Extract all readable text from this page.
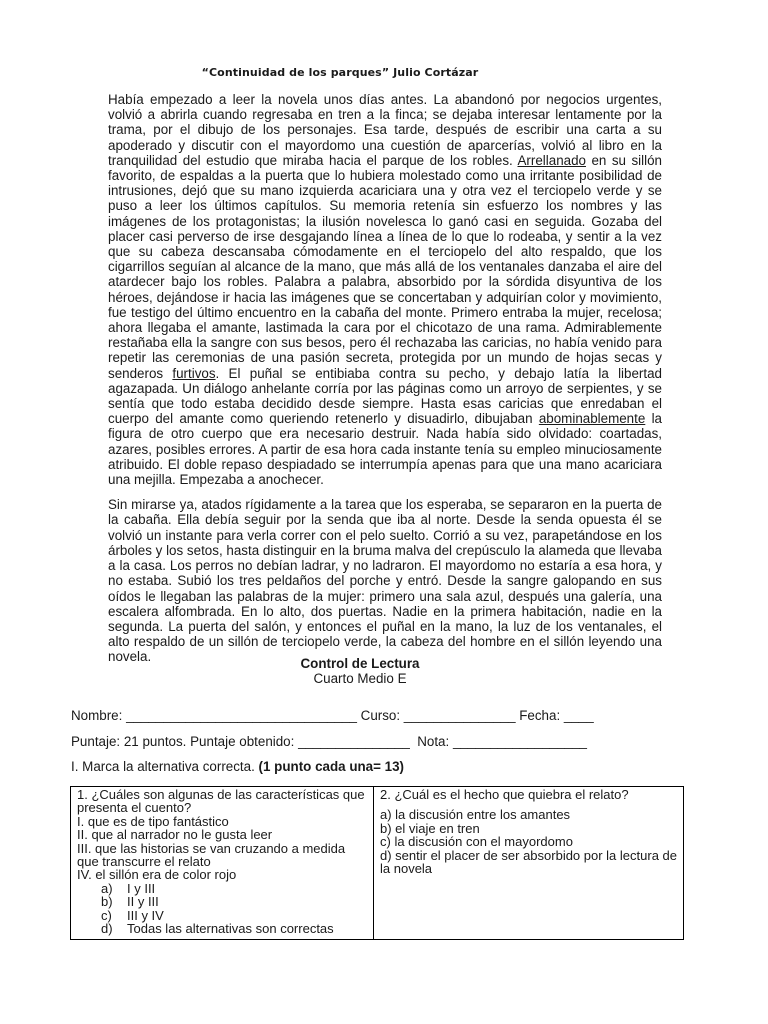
“Continuidad de los parques” Julio Cortázar

Había empezado a leer la novela unos días antes. La abandonó por negocios urgentes, volvió a abrirla cuando regresaba en tren a la finca; se dejaba interesar lentamente por la trama, por el dibujo de los personajes. Esa tarde, después de escribir una carta a su apoderado y discutir con el mayordomo una cuestión de aparcerías, volvió al libro en la tranquilidad del estudio que miraba hacia el parque de los robles. Arrellanado en su sillón favorito, de espaldas a la puerta que lo hubiera molestado como una irritante posibilidad de intrusiones, dejó que su mano izquierda acariciara una y otra vez el terciopelo verde y se puso a leer los últimos capítulos. Su memoria retenía sin esfuerzo los nombres y las imágenes de los protagonistas; la ilusión novelesca lo ganó casi en seguida. Gozaba del placer casi perverso de irse desgajando línea a línea de lo que lo rodeaba, y sentir a la vez que su cabeza descansaba cómodamente en el terciopelo del alto respaldo, que los cigarrillos seguían al alcance de la mano, que más allá de los ventanales danzaba el aire del atardecer bajo los robles. Palabra a palabra, absorbido por la sórdida disyuntiva de los héroes, dejándose ir hacia las imágenes que se concertaban y adquirían color y movimiento, fue testigo del último encuentro en la cabaña del monte. Primero entraba la mujer, recelosa; ahora llegaba el amante, lastimada la cara por el chicotazo de una rama. Admirablemente restañaba ella la sangre con sus besos, pero él rechazaba las caricias, no había venido para repetir las ceremonias de una pasión secreta, protegida por un mundo de hojas secas y senderos furtivos. El puñal se entibiaba contra su pecho, y debajo latía la libertad agazapada. Un diálogo anhelante corría por las páginas como un arroyo de serpientes, y se sentía que todo estaba decidido desde siempre. Hasta esas caricias que enredaban el cuerpo del amante como queriendo retenerlo y disuadirlo, dibujaban abominablemente la figura de otro cuerpo que era necesario destruir. Nada había sido olvidado: coartadas, azares, posibles errores. A partir de esa hora cada instante tenía su empleo minuciosamente atribuido. El doble repaso despiadado se interrumpía apenas para que una mano acariciara una mejilla. Empezaba a anochecer.

Sin mirarse ya, atados rígidamente a la tarea que los esperaba, se separaron en la puerta de la cabaña. Ella debía seguir por la senda que iba al norte. Desde la senda opuesta él se volvió un instante para verla correr con el pelo suelto. Corrió a su vez, parapetándose en los árboles y los setos, hasta distinguir en la bruma malva del crepúsculo la alameda que llevaba a la casa. Los perros no debían ladrar, y no ladraron. El mayordomo no estaría a esa hora, y no estaba. Subió los tres peldaños del porche y entró. Desde la sangre galopando en sus oídos le llegaban las palabras de la mujer: primero una sala azul, después una galería, una escalera alfombrada. En lo alto, dos puertas. Nadie en la primera habitación, nadie en la segunda. La puerta del salón, y entonces el puñal en la mano, la luz de los ventanales, el alto respaldo de un sillón de terciopelo verde, la cabeza del hombre en el sillón leyendo una novela.	Control de Lectura
Cuarto Medio E
Nombre: _______________________________ Curso: _______________ Fecha: ____
Puntaje: 21 puntos. Puntaje obtenido: _______________  Nota: __________________
I. Marca la alternativa correcta. (1 punto cada una= 13)
1. ¿Cuáles son algunas de las características que presenta el cuento?
I. que es de tipo fantástico
II. que al narrador no le gusta leer
III. que las historias se van cruzando a medida que transcurre el relato
IV. el sillón era de color rojo
a) I y III
b) II y III
c) III y IV
d) Todas las alternativas son correctas

2. ¿Cuál es el hecho que quiebra el relato?
a) la discusión entre los amantes
b) el viaje en tren
c) la discusión con el mayordomo
d) sentir el placer de ser absorbido por la lectura de la novela
